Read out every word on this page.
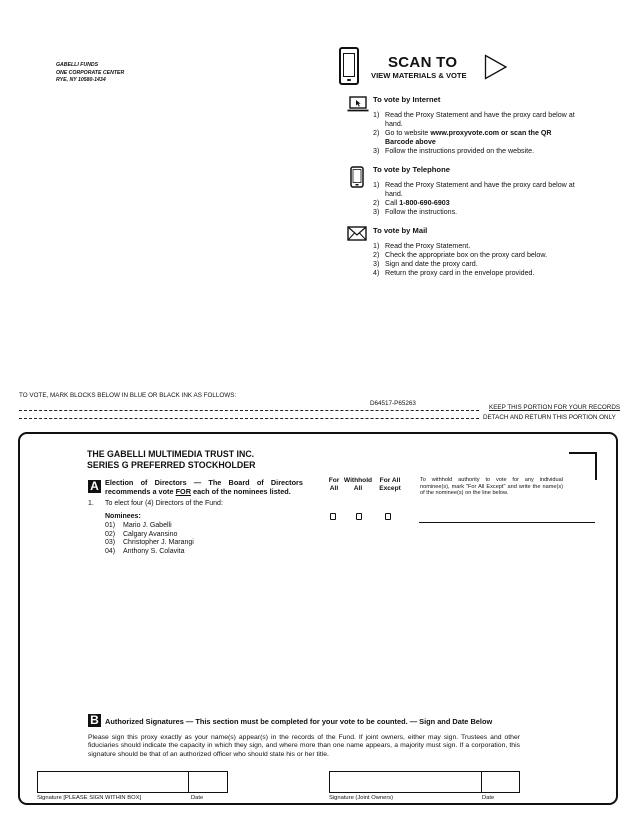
GABELLI FUNDS
ONE CORPORATE CENTER
RYE, NY 10580-1434
SCAN TO
VIEW MATERIALS & VOTE
To vote by Internet
1) Read the Proxy Statement and have the proxy card below at hand.
2) Go to website www.proxyvote.com or scan the QR Barcode above
3) Follow the instructions provided on the website.
To vote by Telephone
1) Read the Proxy Statement and have the proxy card below at hand.
2) Call 1-800-690-6903
3) Follow the instructions.
To vote by Mail
1) Read the Proxy Statement.
2) Check the appropriate box on the proxy card below.
3) Sign and date the proxy card.
4) Return the proxy card in the envelope provided.
TO VOTE, MARK BLOCKS BELOW IN BLUE OR BLACK INK AS FOLLOWS:
D64517-P65263
KEEP THIS PORTION FOR YOUR RECORDS
DETACH AND RETURN THIS PORTION ONLY
THE GABELLI MULTIMEDIA TRUST INC.
SERIES G PREFERRED STOCKHOLDER
A Election of Directors — The Board of Directors
recommends a vote FOR each of the nominees listed.
For
All
Withhold
All
For All
Except
To withhold authority to vote for any individual nominee(s), mark "For All Except" and write the name(s) of the nominee(s) on the line below.
1. To elect four (4) Directors of the Fund:
Nominees:
01)	Mario J. Gabelli
02)	Calgary Avansino
03)	Christopher J. Marangi
04)	Anthony S. Colavita
B Authorized Signatures — This section must be completed for your vote to be counted. — Sign and Date Below
Please sign this proxy exactly as your name(s) appear(s) in the records of the Fund. If joint owners, either may sign. Trustees and other fiduciaries should indicate the capacity in which they sign, and where more than one name appears, a majority must sign. If a corporation, this signature should be that of an authorized officer who should state his or her title.
Signature [PLEASE SIGN WITHIN BOX]	Date	Signature (Joint Owners)	Date
